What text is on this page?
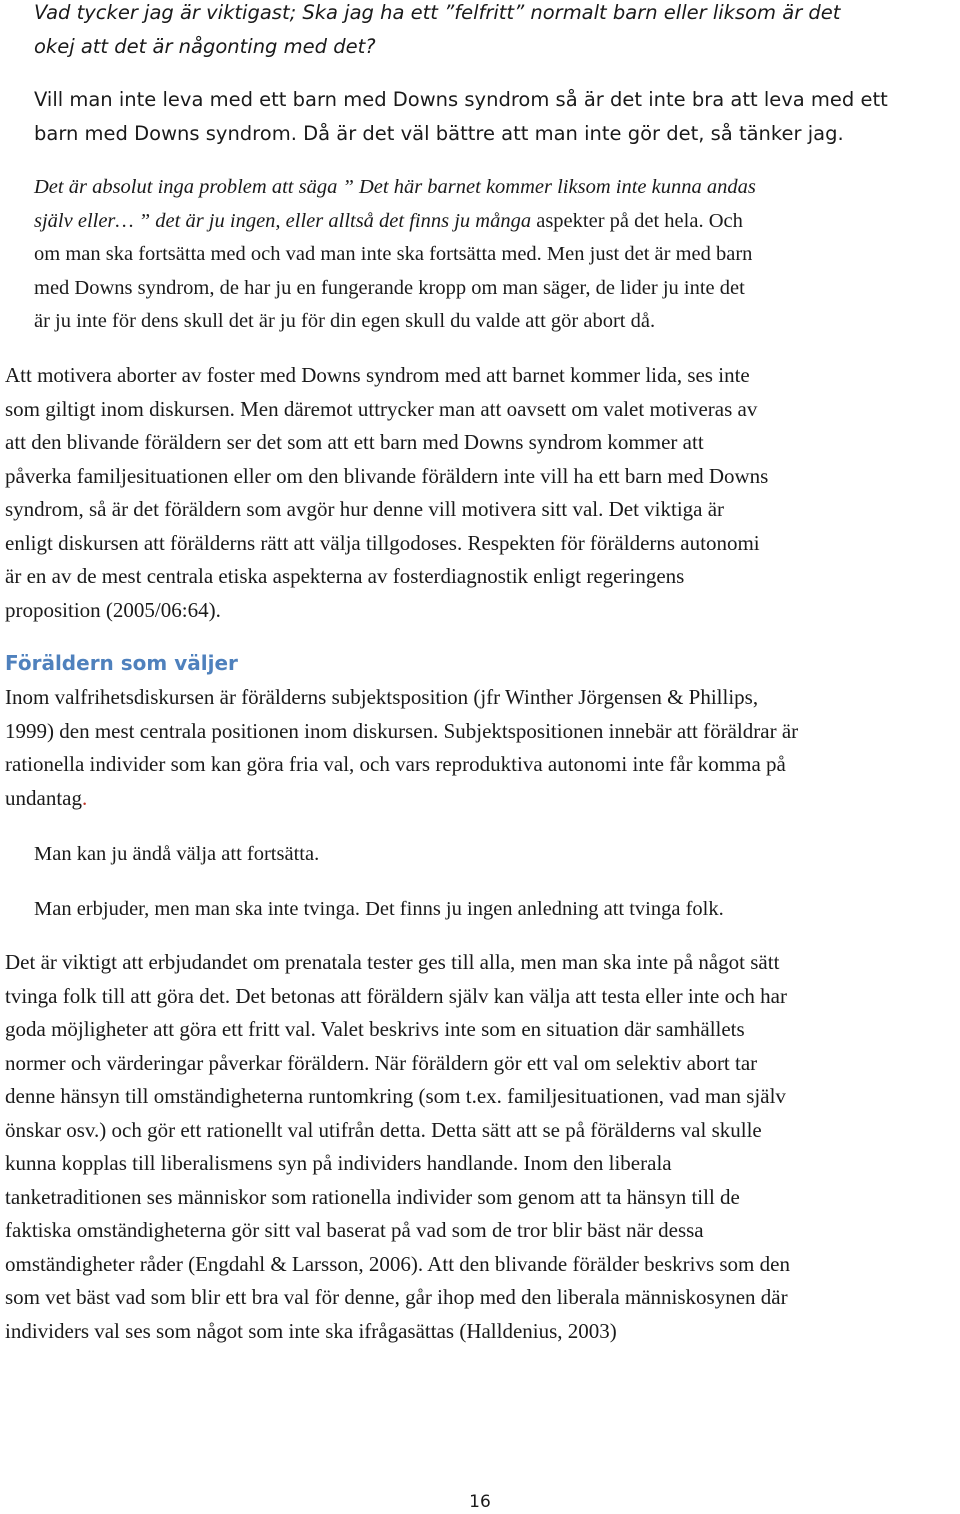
Vad tycker jag är viktigast; Ska jag ha ett ”felfritt” normalt barn eller liksom är det
okej att det är någonting med det?

Vill man inte leva med ett barn med Downs syndrom så är det inte bra att leva med ett
barn med Downs syndrom. Då är det väl bättre att man inte gör det, så tänker jag.

Det är absolut inga problem att säga ” Det här barnet kommer liksom inte kunna andas
själv eller… ” det är ju ingen, eller alltså det finns ju många aspekter på det hela. Och
om man ska fortsätta med och vad man inte ska fortsätta med. Men just det är med barn
med Downs syndrom, de har ju en fungerande kropp om man säger, de lider ju inte det
är ju inte för dens skull det är ju för din egen skull du valde att gör abort då.

Att motivera aborter av foster med Downs syndrom med att barnet kommer lida, ses inte
som giltigt inom diskursen. Men däremot uttrycker man att oavsett om valet motiveras av
att den blivande föräldern ser det som att ett barn med Downs syndrom kommer att
påverka familjesituationen eller om den blivande föräldern inte vill ha ett barn med Downs
syndrom, så är det föräldern som avgör hur denne vill motivera sitt val. Det viktiga är
enligt diskursen att förälderns rätt att välja tillgodoses. Respekten för förälderns autonomi
är en av de mest centrala etiska aspekterna av fosterdiagnostik enligt regeringens
proposition (2005/06:64).

Föräldern som väljer

Inom valfrihetsdiskursen är förälderns subjektsposition (jfr Winther Jörgensen & Phillips,
1999) den mest centrala positionen inom diskursen. Subjektspositionen innebär att föräldrar är
rationella individer som kan göra fria val, och vars reproduktiva autonomi inte får komma på
undantag.

Man kan ju ändå välja att fortsätta.

Man erbjuder, men man ska inte tvinga. Det finns ju ingen anledning att tvinga folk.

Det är viktigt att erbjudandet om prenatala tester ges till alla, men man ska inte på något sätt
tvinga folk till att göra det. Det betonas att föräldern själv kan välja att testa eller inte och har
goda möjligheter att göra ett fritt val. Valet beskrivs inte som en situation där samhällets
normer och värderingar påverkar föräldern. När föräldern gör ett val om selektiv abort tar
denne hänsyn till omständigheterna runtomkring (som t.ex. familjesituationen, vad man själv
önskar osv.) och gör ett rationellt val utifrån detta. Detta sätt att se på förälderns val skulle
kunna kopplas till liberalismens syn på individers handlande. Inom den liberala
tanketraditionen ses människor som rationella individer som genom att ta hänsyn till de
faktiska omständigheterna gör sitt val baserat på vad som de tror blir bäst när dessa
omständigheter råder (Engdahl & Larsson, 2006). Att den blivande förälder beskrivs som den
som vet bäst vad som blir ett bra val för denne, går ihop med den liberala människosynen där
individers val ses som något som inte ska ifrågasättas (Halldenius, 2003)

16
